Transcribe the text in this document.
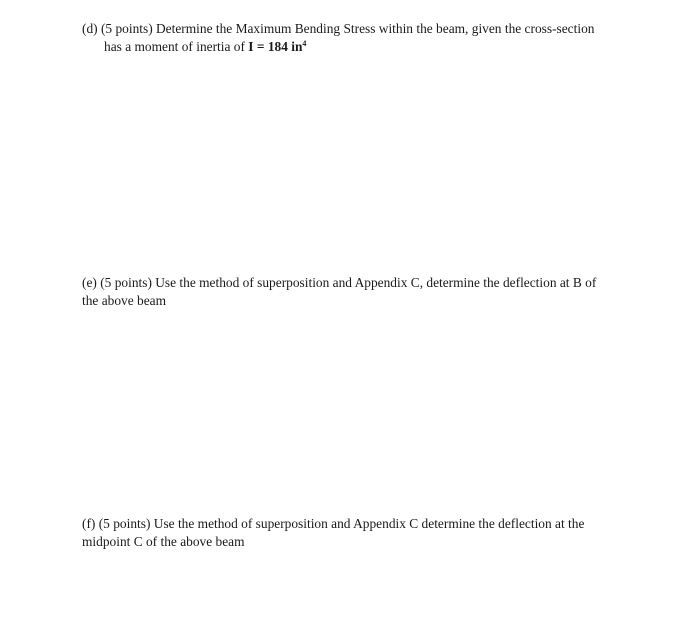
(d) (5 points) Determine the Maximum Bending Stress within the beam, given the cross-section
has a moment of inertia of I = 184 $in^4$
(e) (5 points) Use the method of superposition and Appendix C, determine the deflection at B of
the above beam
(f) (5 points) Use the method of superposition and Appendix C determine the deflection at the
midpoint C of the above beam
